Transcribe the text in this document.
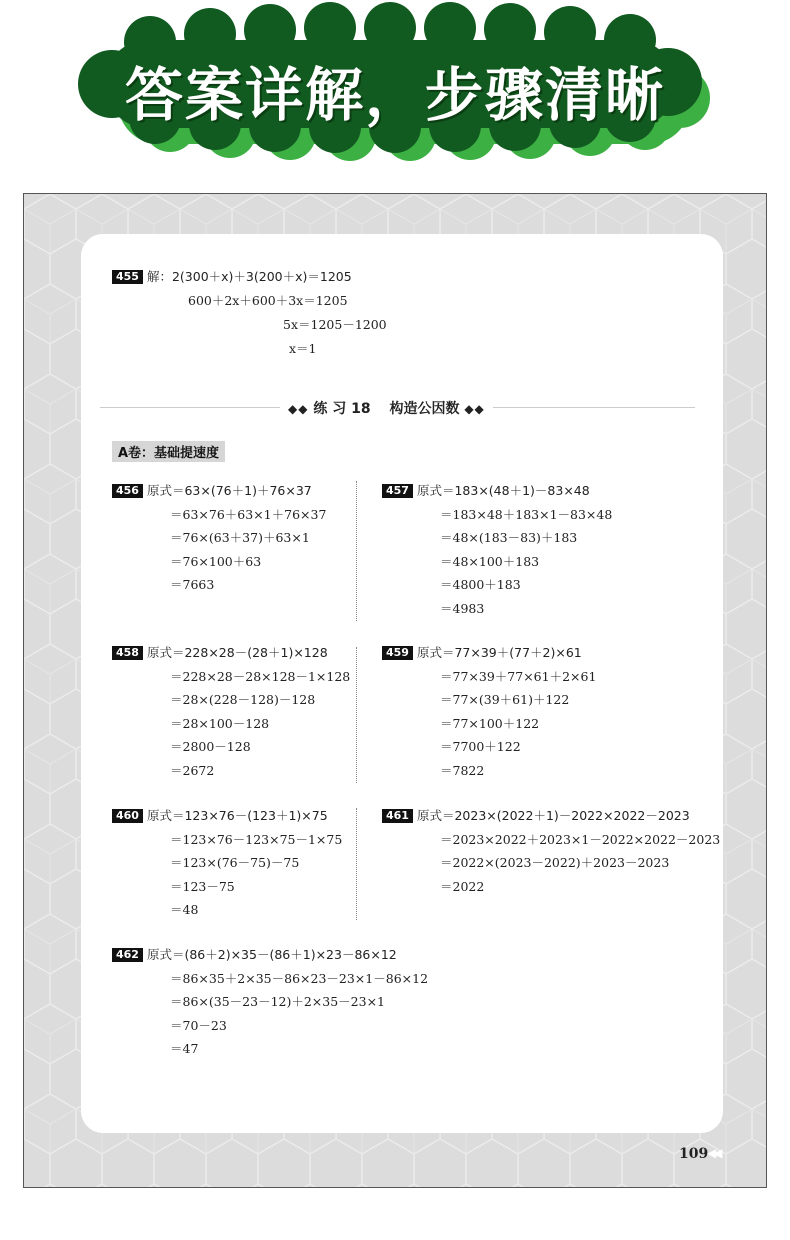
答案详解，步骤清晰
109
◀◀
455 解：2(300＋x)＋3(200＋x)＝1205
600＋2x＋600＋3x＝1205
5x＝1205－1200
x＝1
◆◆ 练 习 18　 构造公因数 ◆◆
A卷：基础提速度
456 原式＝63×(76＋1)＋76×37
＝63×76＋63×1＋76×37
＝76×(63＋37)＋63×1
＝76×100＋63
＝7663
457 原式＝183×(48＋1)－83×48
＝183×48＋183×1－83×48
＝48×(183－83)＋183
＝48×100＋183
＝4800＋183
＝4983
458 原式＝228×28－(28＋1)×128
＝228×28－28×128－1×128
＝28×(228－128)－128
＝28×100－128
＝2800－128
＝2672
459 原式＝77×39＋(77＋2)×61
＝77×39＋77×61＋2×61
＝77×(39＋61)＋122
＝77×100＋122
＝7700＋122
＝7822
460 原式＝123×76－(123＋1)×75
＝123×76－123×75－1×75
＝123×(76－75)－75
＝123－75
＝48
461 原式＝2023×(2022＋1)－2022×2022－2023
＝2023×2022＋2023×1－2022×2022－2023
＝2022×(2023－2022)＋2023－2023
＝2022
462 原式＝(86＋2)×35－(86＋1)×23－86×12
＝86×35＋2×35－86×23－23×1－86×12
＝86×(35－23－12)＋2×35－23×1
＝70－23
＝47
